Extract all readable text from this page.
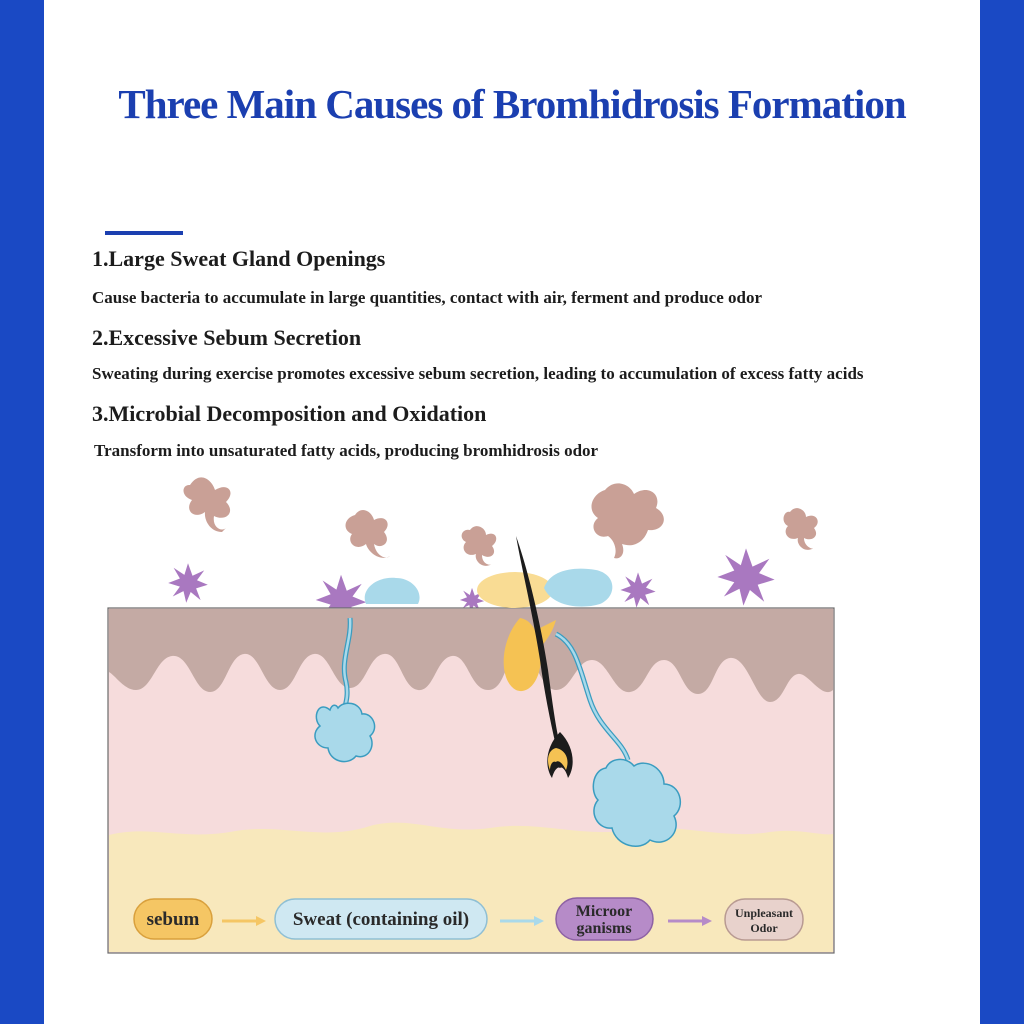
Three Main Causes of Bromhidrosis Formation

1.Large Sweat Gland Openings

Cause bacteria to accumulate in large quantities, contact with air, ferment and produce odor

2.Excessive Sebum Secretion

Sweating during exercise promotes excessive sebum secretion, leading to accumulation of excess fatty acids

3.Microbial Decomposition and Oxidation

Transform into unsaturated fatty acids, producing bromhidrosis odor

sebum	Sweat (containing oil)	Microor
ganisms
Unpleasant
Odor
